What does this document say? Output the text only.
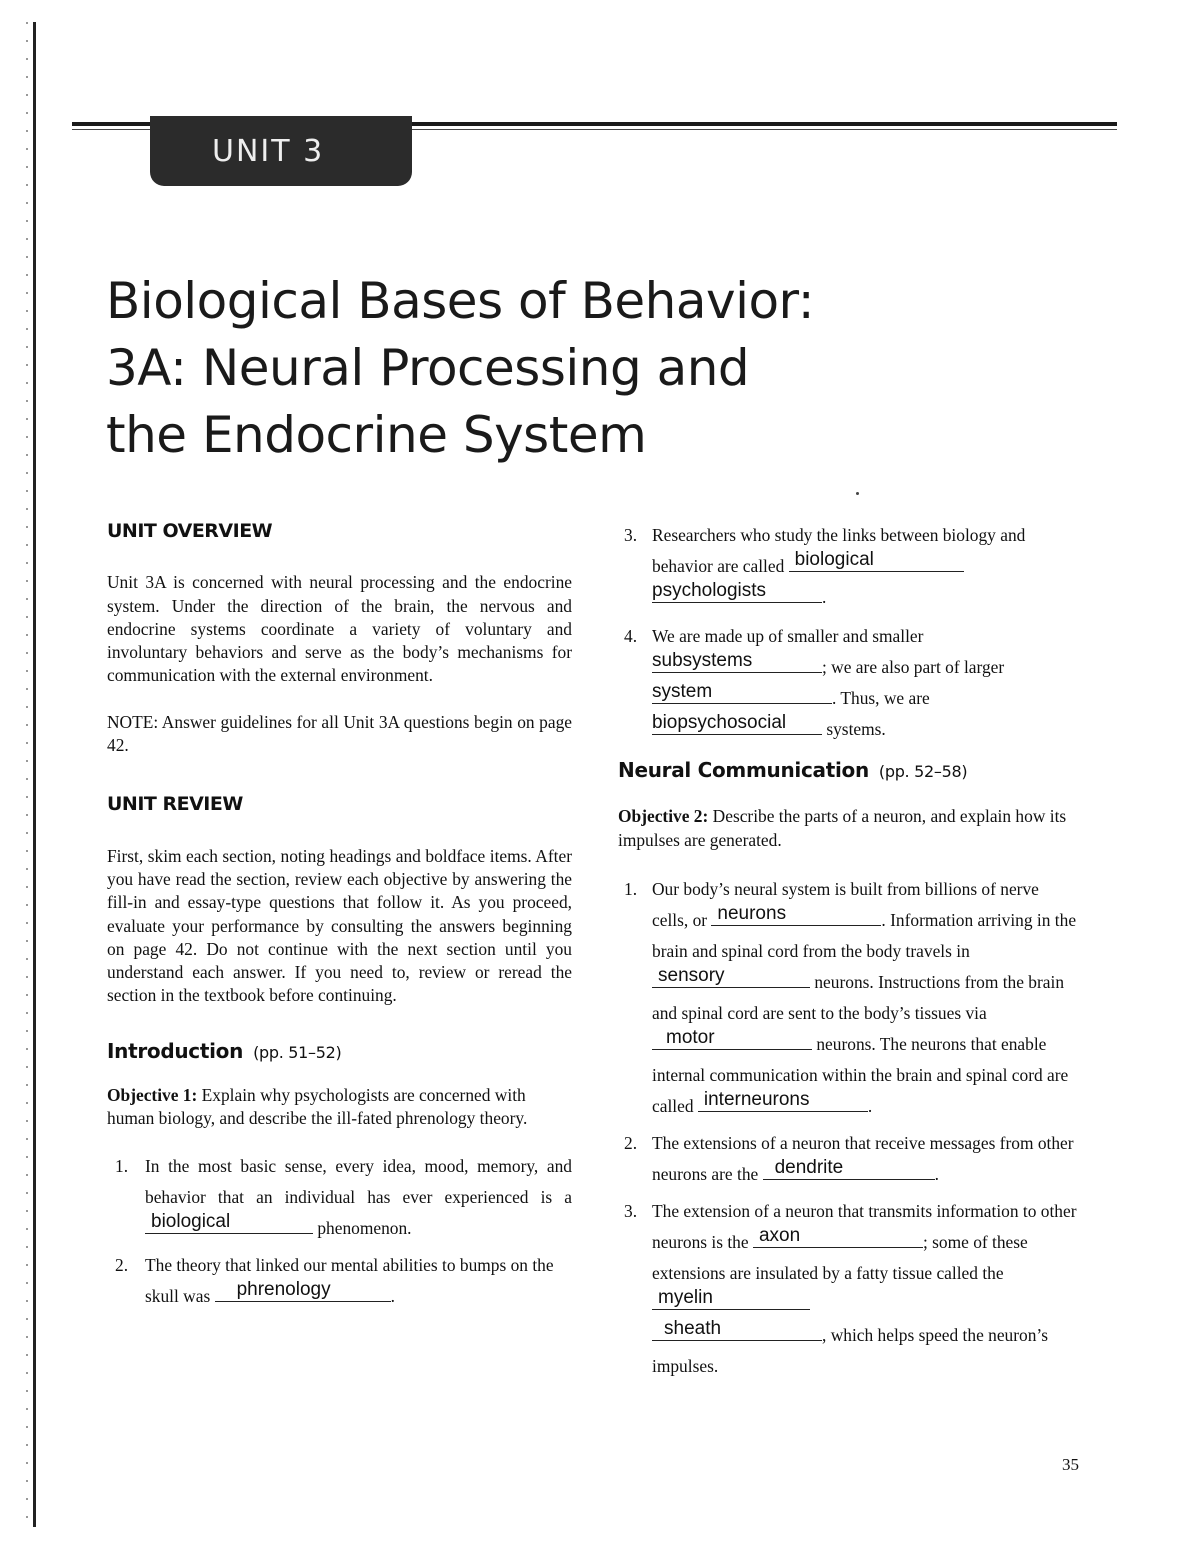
UNIT 3
Biological Bases of Behavior:
3A: Neural Processing and
the Endocrine System
UNIT OVERVIEW

Unit 3A is concerned with neural processing and the endocrine system. Under the direction of the brain, the nervous and endocrine systems coordinate a variety of voluntary and involuntary behaviors and serve as the body’s mechanisms for communication with the external environment.

NOTE: Answer guidelines for all Unit 3A questions begin on page 42.

UNIT REVIEW

First, skim each section, noting headings and boldface items. After you have read the section, review each objective by answering the fill-in and essay-type questions that follow it. As you proceed, evaluate your performance by consulting the answers beginning on page 42. Do not continue with the next section until you understand each answer. If you need to, review or reread the section in the textbook before continuing.

Introduction (pp. 51–52)

Objective 1: Explain why psychologists are concerned with human biology, and describe the ill-fated phrenology theory.

1. In the most basic sense, every idea, mood, memory, and behavior that an individual has ever experienced is a
biological	phenomenon.
2. The theory that linked our mental abilities to bumps on the skull was phrenology	.
3. Researchers who study the links between biology and behavior are called biological

psychologists	.
4. We are made up of smaller and smaller

subsystems	; we are also part of larger

system	. Thus, we are

biopsychosocial systems.
Neural Communication (pp. 52–58)

Objective 2: Describe the parts of a neuron, and explain how its impulses are generated.

1. Our body’s neural system is built from billions of nerve cells, or neurons	. Information arriving in the brain and spinal cord from the body travels in
sensory	neurons. Instructions from the brain and spinal cord are sent to the body’s tissues via
motor	neurons. The neurons that enable internal communication within the brain and spinal cord are called interneurons	.
2. The extensions of a neuron that receive messages from other neurons are the dendrite	.
3. The extension of a neuron that transmits information to other neurons is the axon	; some of these extensions are insulated by a fatty tissue called the
myelin

sheath	, which helps speed the neuron’s impulses.
35
